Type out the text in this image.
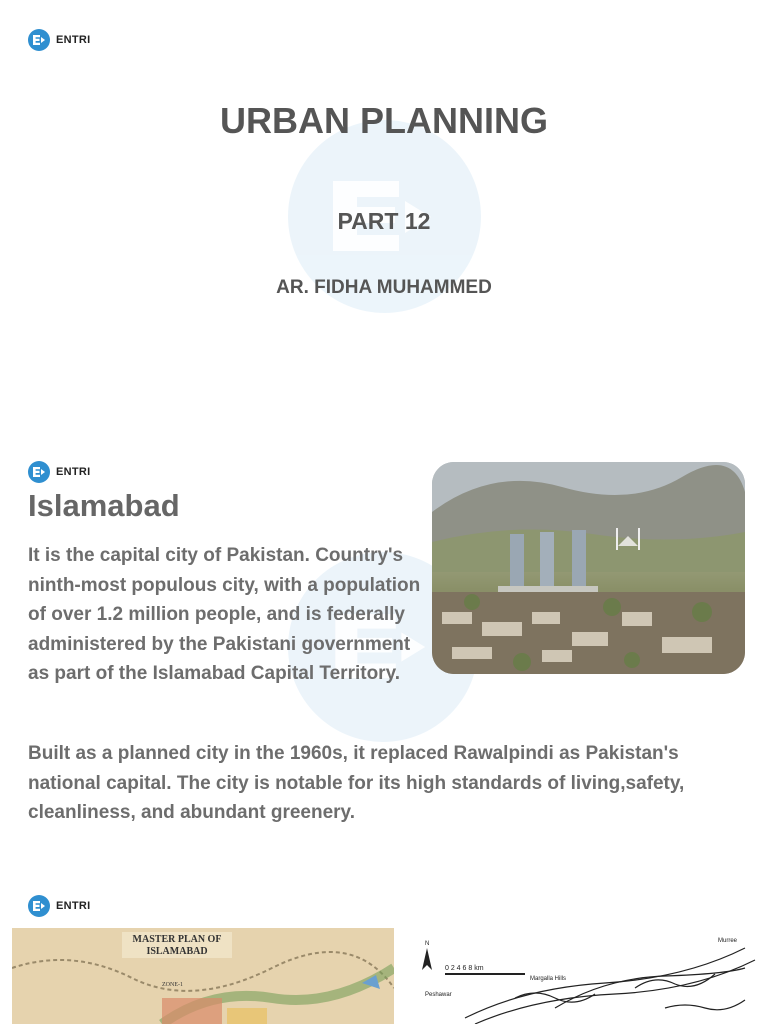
ENTRI
URBAN PLANNING
PART 12
AR. FIDHA MUHAMMED
ENTRI
Islamabad
It is the capital city of Pakistan. Country's ninth-most populous city, with a population of over 1.2 million people, and is federally administered by the Pakistani government as part of the Islamabad Capital Territory.
Built as a planned city in the 1960s, it replaced Rawalpindi as Pakistan's national capital. The city is notable for its high standards of living,safety, cleanliness, and abundant greenery.
ENTRI
MASTER PLAN OF
ISLAMABAD
ZONE-1
N
0 2 4 6 8 km
Peshawar
Margalla Hills
Murree
